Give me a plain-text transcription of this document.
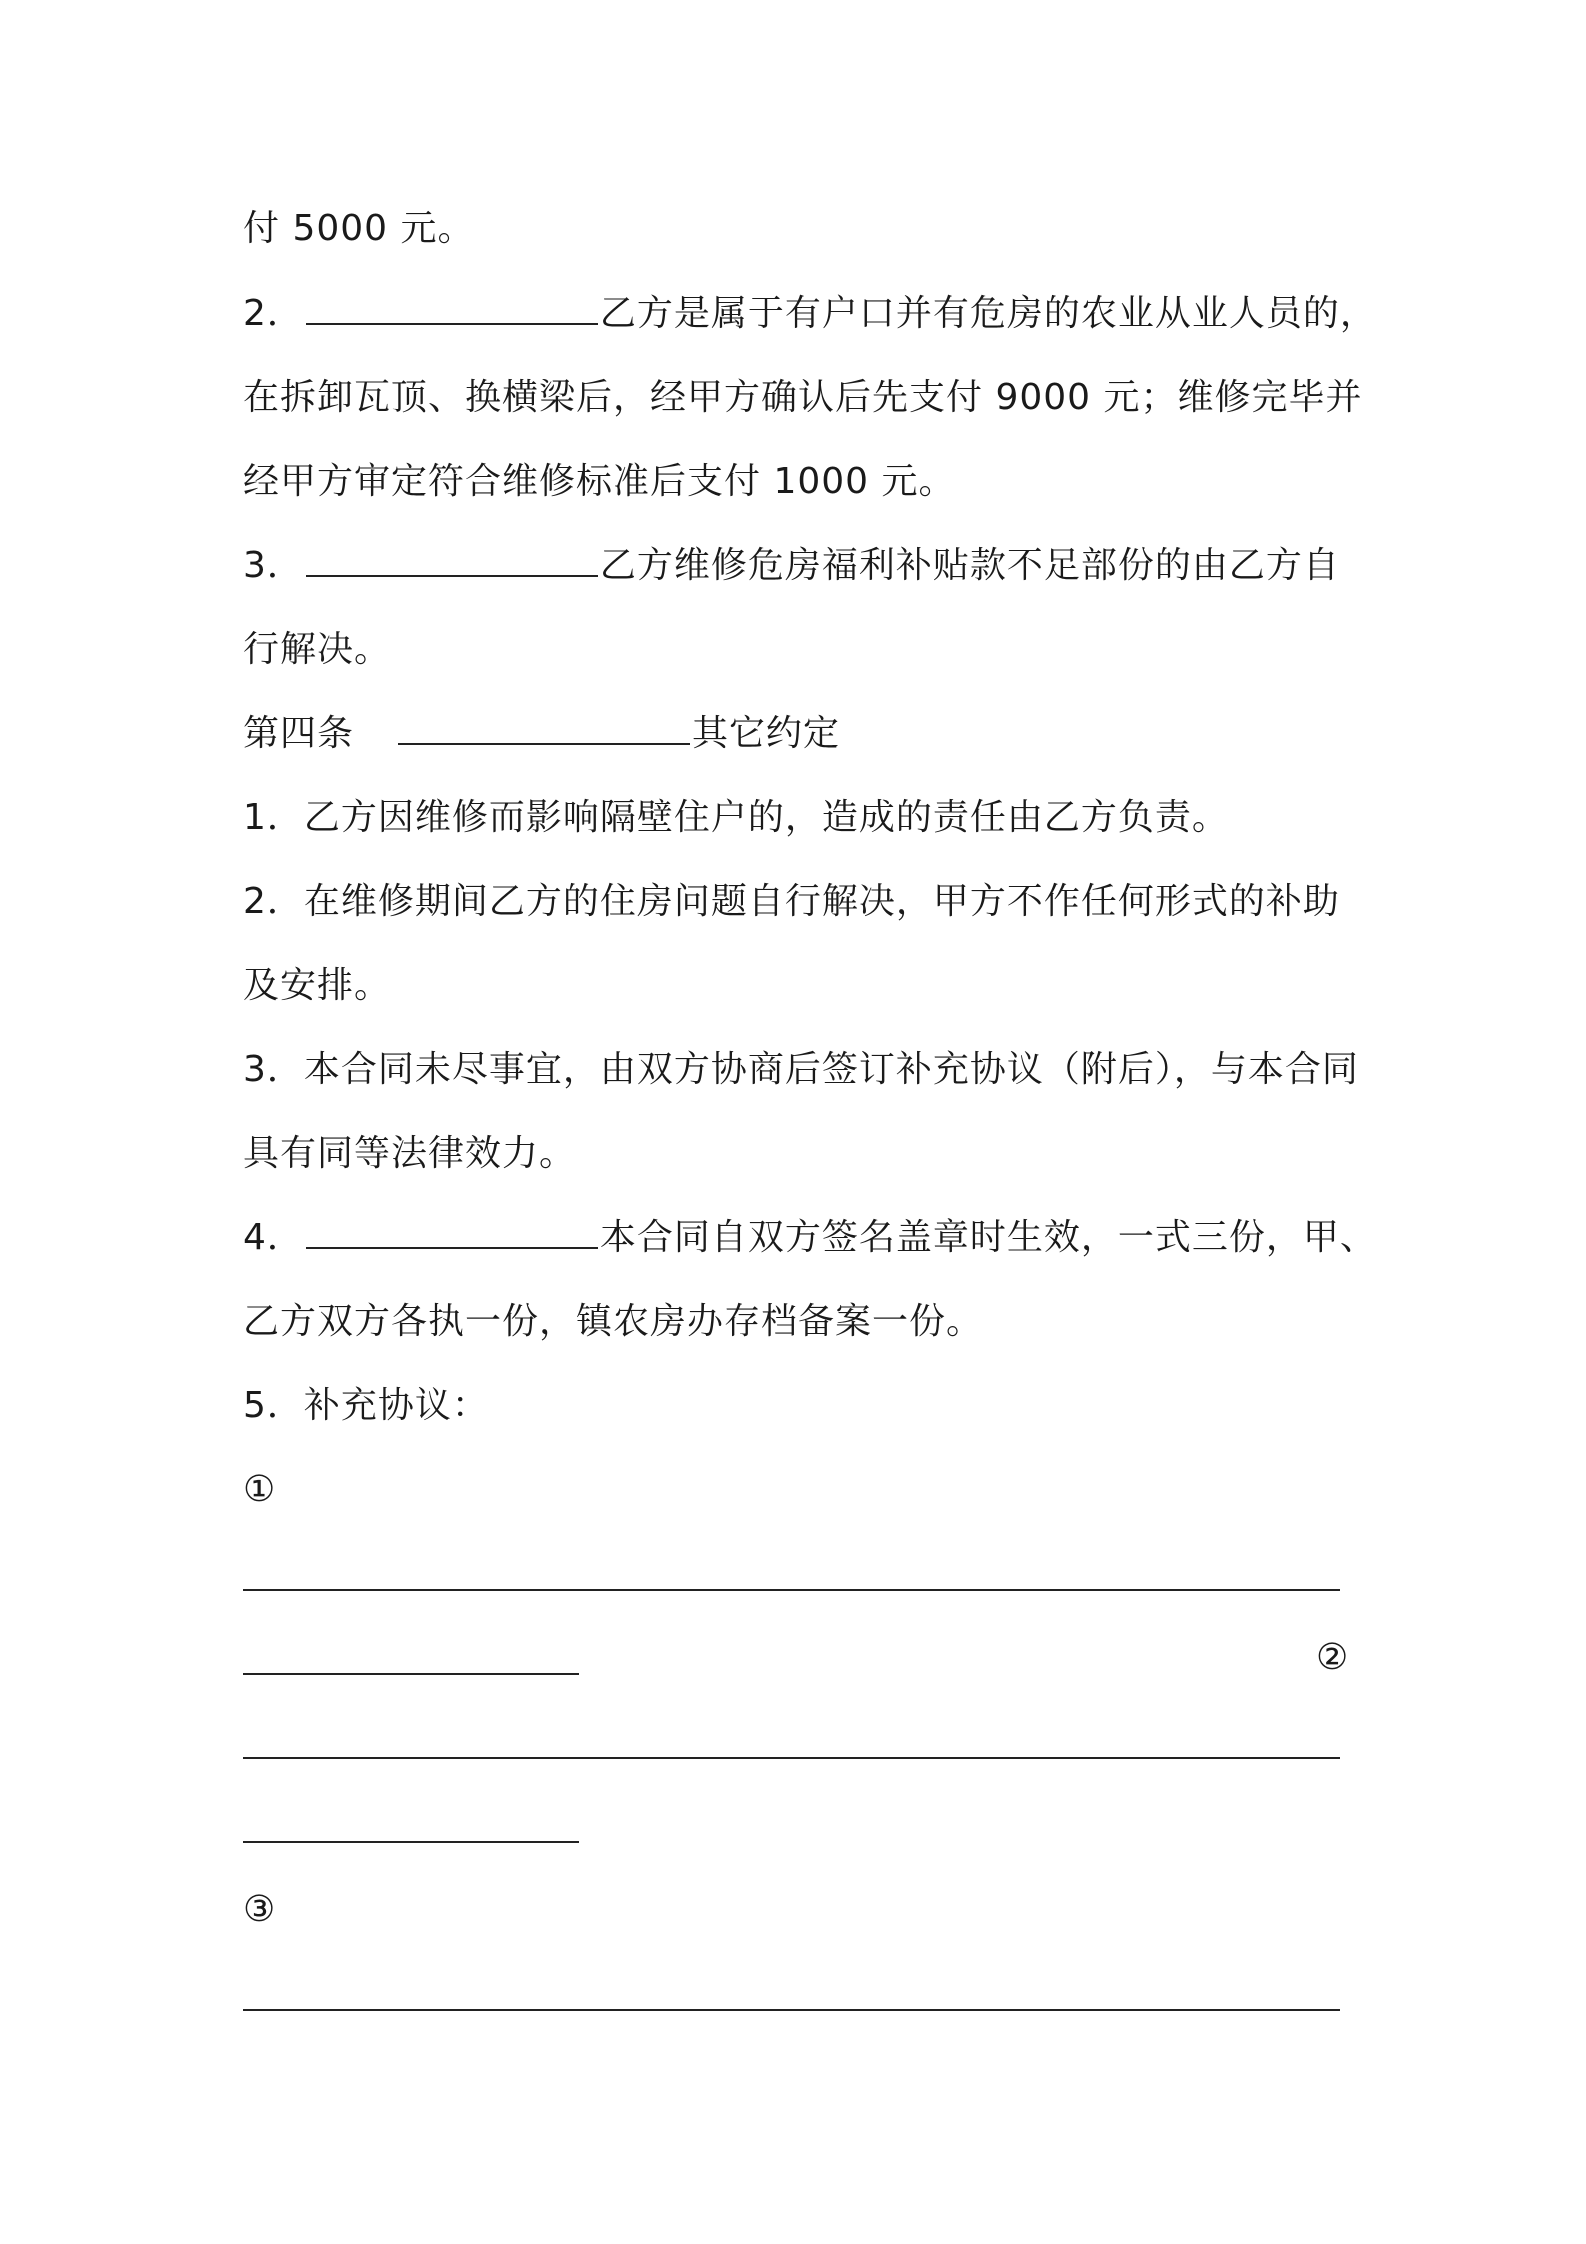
付 5000 元。
2．	乙方是属于有户口并有危房的农业从业人员的，
在拆卸瓦顶、换横梁后，经甲方确认后先支付 9000 元；维修完毕并
经甲方审定符合维修标准后支付 1000 元。
3．	乙方维修危房福利补贴款不足部份的由乙方自
行解决。
第四条	其它约定
1．乙方因维修而影响隔壁住户的，造成的责任由乙方负责。
2．在维修期间乙方的住房问题自行解决，甲方不作任何形式的补助
及安排。
3．本合同未尽事宜，由双方协商后签订补充协议（附后），与本合同
具有同等法律效力。
4．	本合同自双方签名盖章时生效，一式三份，甲、
乙方双方各执一份，镇农房办存档备案一份。
5．补充协议：
①
②
③
